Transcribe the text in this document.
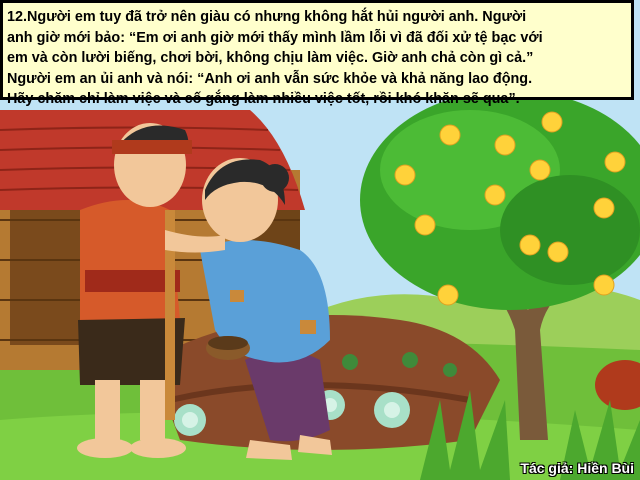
12.Người em tuy đã trở nên giàu có nhưng không hắt hủi người anh. Người

anh giờ mới bảo: “Em ơi anh giờ mới thấy mình lầm lỗi vì đã đối xử tệ bạc với

em và còn lười biếng, chơi bời, không chịu làm việc. Giờ anh chả còn gì cả.”

Người em an ủi anh và nói: “Anh ơi anh vẫn sức khỏe và khả năng lao động.

Hãy chăm chỉ làm việc và cố gắng làm nhiều việc tốt, rồi khó khăn sẽ qua”.

Tác giả: Hiền Bùi
